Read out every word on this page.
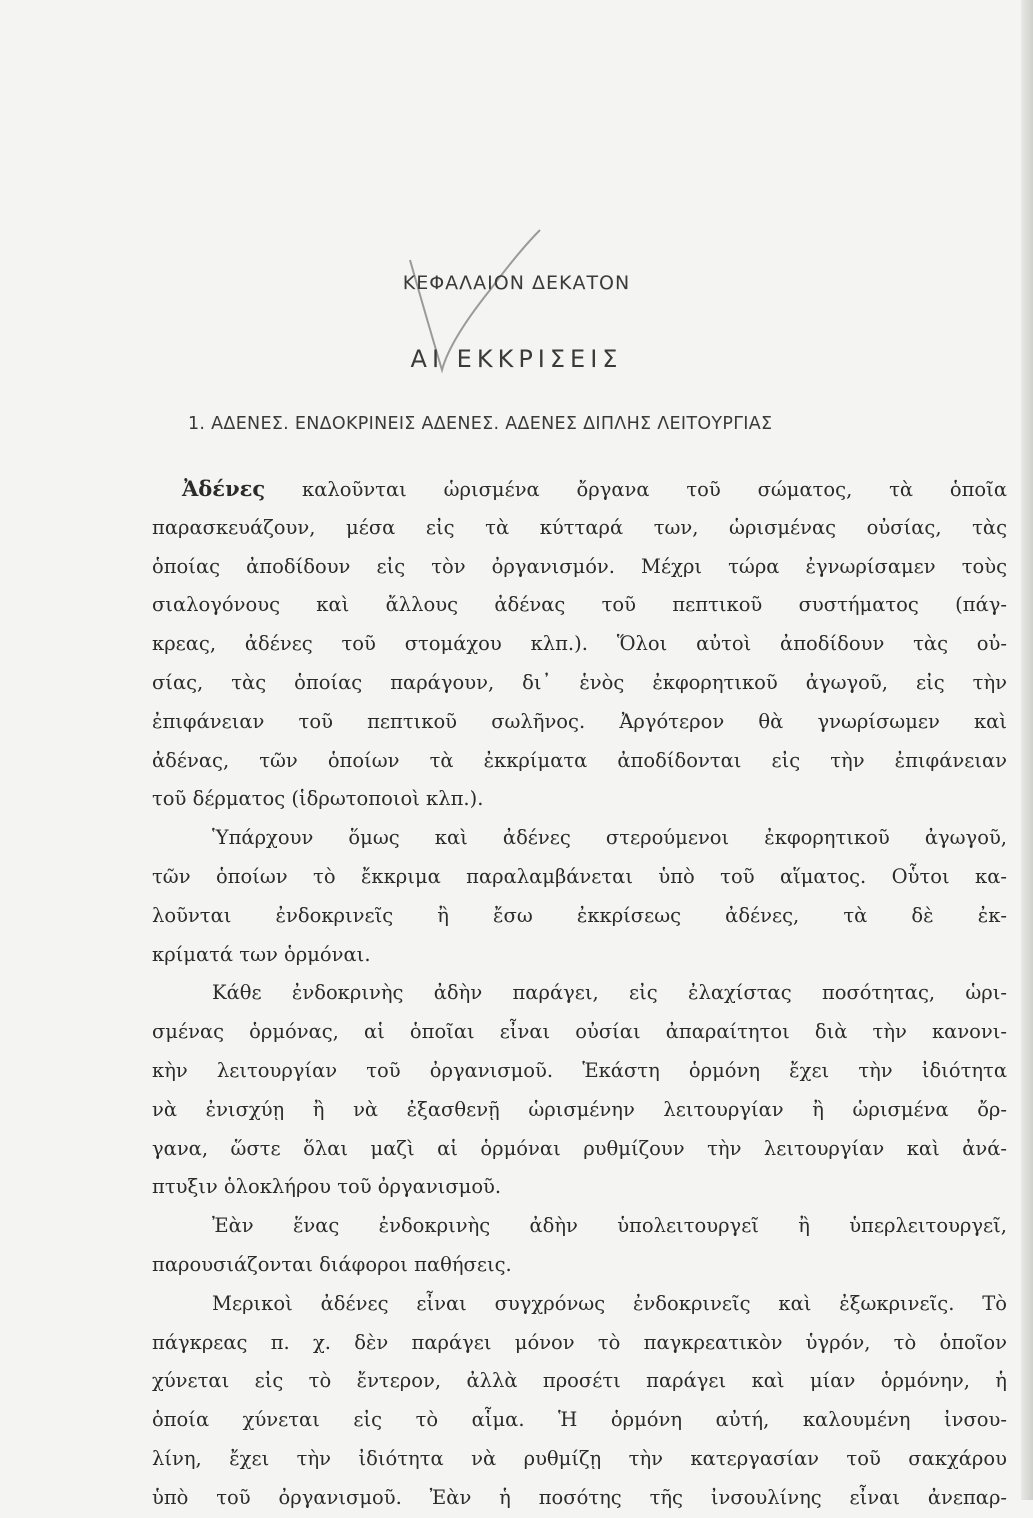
ΚΕΦΑΛΑΙΟΝ ΔΕΚΑΤΟΝ
ΑΙ ΕΚΚΡΙΣΕΙΣ
1. ΑΔΕΝΕΣ. ΕΝΔΟΚΡΙΝΕΙΣ ΑΔΕΝΕΣ. ΑΔΕΝΕΣ ΔΙΠΛΗΣ ΛΕΙΤΟΥΡΓΙΑΣ
Ἀδένες καλοῦνται ὡρισμένα ὄργανα τοῦ σώματος, τὰ ὁποῖα
παρασκευάζουν, μέσα εἰς τὰ κύτταρά των, ὡρισμένας οὐσίας, τὰς
ὁποίας ἀποδίδουν εἰς τὸν ὀργανισμόν. Μέχρι τώρα ἐγνωρίσαμεν τοὺς
σιαλογόνους καὶ ἄλλους ἀδένας τοῦ πεπτικοῦ συστήματος (πάγ-
κρεας, ἀδένες τοῦ στομάχου κλπ.). Ὅλοι αὐτοὶ ἀποδίδουν τὰς οὐ-
σίας, τὰς ὁποίας παράγουν, δι᾽ ἑνὸς ἐκφορητικοῦ ἀγωγοῦ, εἰς τὴν
ἐπιφάνειαν τοῦ πεπτικοῦ σωλῆνος. Ἀργότερον θὰ γνωρίσωμεν καὶ
ἀδένας, τῶν ὁποίων τὰ ἐκκρίματα ἀποδίδονται εἰς τὴν ἐπιφάνειαν
τοῦ δέρματος (ἱδρωτοποιοὶ κλπ.).
Ὑπάρχουν ὅμως καὶ ἀδένες στερούμενοι ἐκφορητικοῦ ἀγωγοῦ,
τῶν ὁποίων τὸ ἔκκριμα παραλαμβάνεται ὑπὸ τοῦ αἵματος. Οὗτοι κα-
λοῦνται ἐνδοκρινεῖς ἢ ἔσω ἐκκρίσεως ἀδένες, τὰ δὲ ἐκ-
κρίματά των ὁρμόναι.
Κάθε ἐνδοκρινὴς ἀδὴν παράγει, εἰς ἐλαχίστας ποσότητας, ὡρι-
σμένας ὁρμόνας, αἱ ὁποῖαι εἶναι οὐσίαι ἀπαραίτητοι διὰ τὴν κανονι-
κὴν λειτουργίαν τοῦ ὀργανισμοῦ. Ἑκάστη ὁρμόνη ἔχει τὴν ἰδιότητα
νὰ ἐνισχύῃ ἢ νὰ ἐξασθενῇ ὡρισμένην λειτουργίαν ἢ ὡρισμένα ὄρ-
γανα, ὥστε ὅλαι μαζὶ αἱ ὁρμόναι ρυθμίζουν τὴν λειτουργίαν καὶ ἀνά-
πτυξιν ὁλοκλήρου τοῦ ὀργανισμοῦ.
Ἐὰν ἕνας ἐνδοκρινὴς ἀδὴν ὑπολειτουργεῖ ἢ ὑπερλειτουργεῖ,
παρουσιάζονται διάφοροι παθήσεις.
Μερικοὶ ἀδένες εἶναι συγχρόνως ἐνδοκρινεῖς καὶ ἐξωκρινεῖς. Τὸ
πάγκρεας π. χ. δὲν παράγει μόνον τὸ παγκρεατικὸν ὑγρόν, τὸ ὁποῖον
χύνεται εἰς τὸ ἔντερον, ἀλλὰ προσέτι παράγει καὶ μίαν ὁρμόνην, ἡ
ὁποία χύνεται εἰς τὸ αἷμα. Ἡ ὁρμόνη αὐτή, καλουμένη ἰνσου-
λίνη, ἔχει τὴν ἰδιότητα νὰ ρυθμίζῃ τὴν κατεργασίαν τοῦ σακχάρου
ὑπὸ τοῦ ὀργανισμοῦ. Ἐὰν ἡ ποσότης τῆς ἰνσουλίνης εἶναι ἀνεπαρ-
